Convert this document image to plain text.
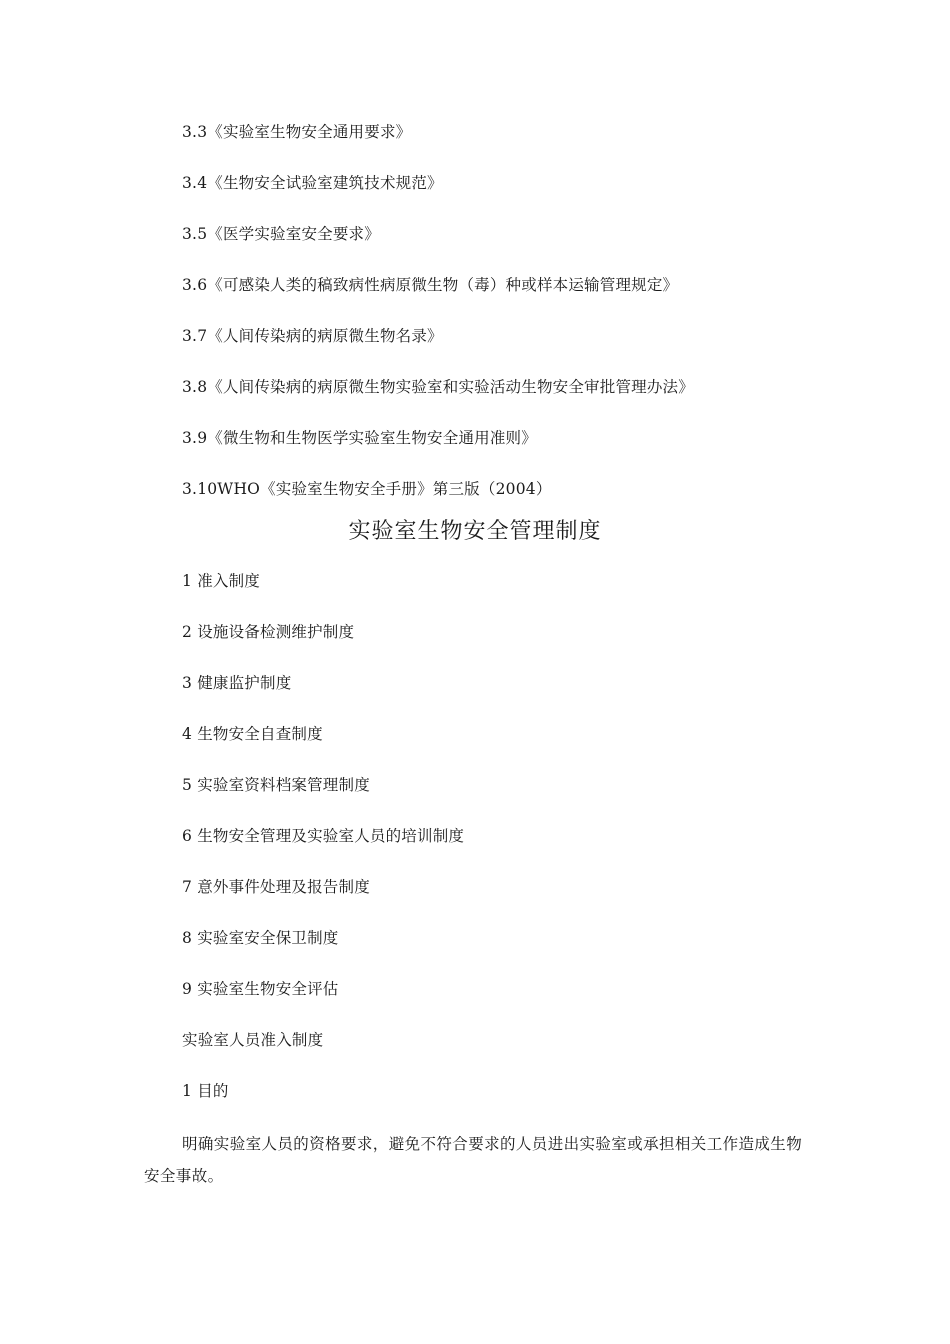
3.3《实验室生物安全通用要求》
3.4《生物安全试验室建筑技术规范》
3.5《医学实验室安全要求》
3.6《可感染人类的稿致病性病原微生物（毒）种或样本运输管理规定》
3.7《人间传染病的病原微生物名录》
3.8《人间传染病的病原微生物实验室和实验活动生物安全审批管理办法》
3.9《微生物和生物医学实验室生物安全通用准则》
3.10WHO《实验室生物安全手册》第三版（2004）
实验室生物安全管理制度
1 准入制度
2 设施设备检测维护制度
3 健康监护制度
4 生物安全自查制度
5 实验室资料档案管理制度
6 生物安全管理及实验室人员的培训制度
7 意外事件处理及报告制度
8 实验室安全保卫制度
9 实验室生物安全评估
实验室人员准入制度
1 目的
明确实验室人员的资格要求，避免不符合要求的人员进出实验室或承担相关工作造成生物安全事故。
